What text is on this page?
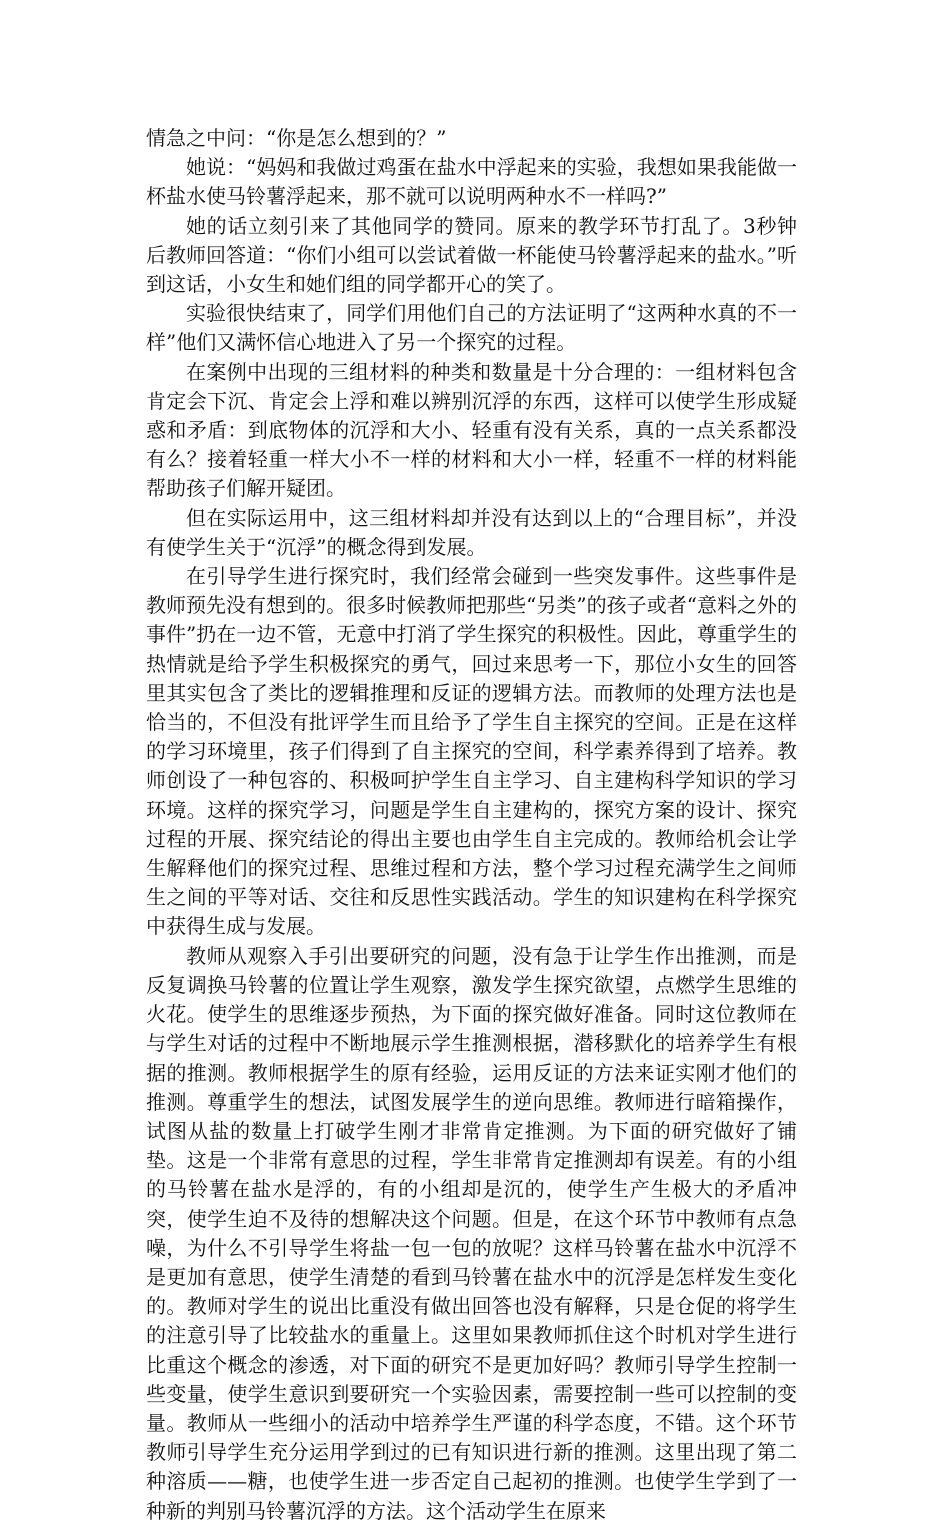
情急之中问：“你是怎么想到的？”

她说：“妈妈和我做过鸡蛋在盐水中浮起来的实验，我想如果我能做一杯盐水使马铃薯浮起来，那不就可以说明两种水不一样吗?”

她的话立刻引来了其他同学的赞同。原来的教学环节打乱了。3秒钟后教师回答道：“你们小组可以尝试着做一杯能使马铃薯浮起来的盐水。”听到这话，小女生和她们组的同学都开心的笑了。

实验很快结束了，同学们用他们自己的方法证明了“这两种水真的不一样”他们又满怀信心地进入了另一个探究的过程。

在案例中出现的三组材料的种类和数量是十分合理的：一组材料包含肯定会下沉、肯定会上浮和难以辨别沉浮的东西，这样可以使学生形成疑惑和矛盾：到底物体的沉浮和大小、轻重有没有关系，真的一点关系都没有么？接着轻重一样大小不一样的材料和大小一样，轻重不一样的材料能帮助孩子们解开疑团。

但在实际运用中，这三组材料却并没有达到以上的“合理目标”，并没有使学生关于“沉浮”的概念得到发展。

在引导学生进行探究时，我们经常会碰到一些突发事件。这些事件是教师预先没有想到的。很多时候教师把那些“另类”的孩子或者“意料之外的事件”扔在一边不管，无意中打消了学生探究的积极性。因此，尊重学生的热情就是给予学生积极探究的勇气，回过来思考一下，那位小女生的回答里其实包含了类比的逻辑推理和反证的逻辑方法。而教师的处理方法也是恰当的，不但没有批评学生而且给予了学生自主探究的空间。正是在这样的学习环境里，孩子们得到了自主探究的空间，科学素养得到了培养。教师创设了一种包容的、积极呵护学生自主学习、自主建构科学知识的学习环境。这样的探究学习，问题是学生自主建构的，探究方案的设计、探究过程的开展、探究结论的得出主要也由学生自主完成的。教师给机会让学生解释他们的探究过程、思维过程和方法，整个学习过程充满学生之间师生之间的平等对话、交往和反思性实践活动。学生的知识建构在科学探究中获得生成与发展。

教师从观察入手引出要研究的问题，没有急于让学生作出推测，而是反复调换马铃薯的位置让学生观察，激发学生探究欲望，点燃学生思维的火花。使学生的思维逐步预热，为下面的探究做好准备。同时这位教师在与学生对话的过程中不断地展示学生推测根据，潜移默化的培养学生有根据的推测。教师根据学生的原有经验，运用反证的方法来证实刚才他们的推测。尊重学生的想法，试图发展学生的逆向思维。教师进行暗箱操作，试图从盐的数量上打破学生刚才非常肯定推测。为下面的研究做好了铺垫。这是一个非常有意思的过程，学生非常肯定推测却有误差。有的小组的马铃薯在盐水是浮的，有的小组却是沉的，使学生产生极大的矛盾冲突，使学生迫不及待的想解决这个问题。但是，在这个环节中教师有点急噪，为什么不引导学生将盐一包一包的放呢？这样马铃薯在盐水中沉浮不是更加有意思，使学生清楚的看到马铃薯在盐水中的沉浮是怎样发生变化的。教师对学生的说出比重没有做出回答也没有解释，只是仓促的将学生的注意引导了比较盐水的重量上。这里如果教师抓住这个时机对学生进行比重这个概念的渗透，对下面的研究不是更加好吗？教师引导学生控制一些变量，使学生意识到要研究一个实验因素，需要控制一些可以控制的变量。教师从一些细小的活动中培养学生严谨的科学态度，不错。这个环节教师引导学生充分运用学到过的已有知识进行新的推测。这里出现了第二种溶质——糖，也使学生进一步否定自己起初的推测。也使学生学到了一种新的判别马铃薯沉浮的方法。这个活动学生在原来
